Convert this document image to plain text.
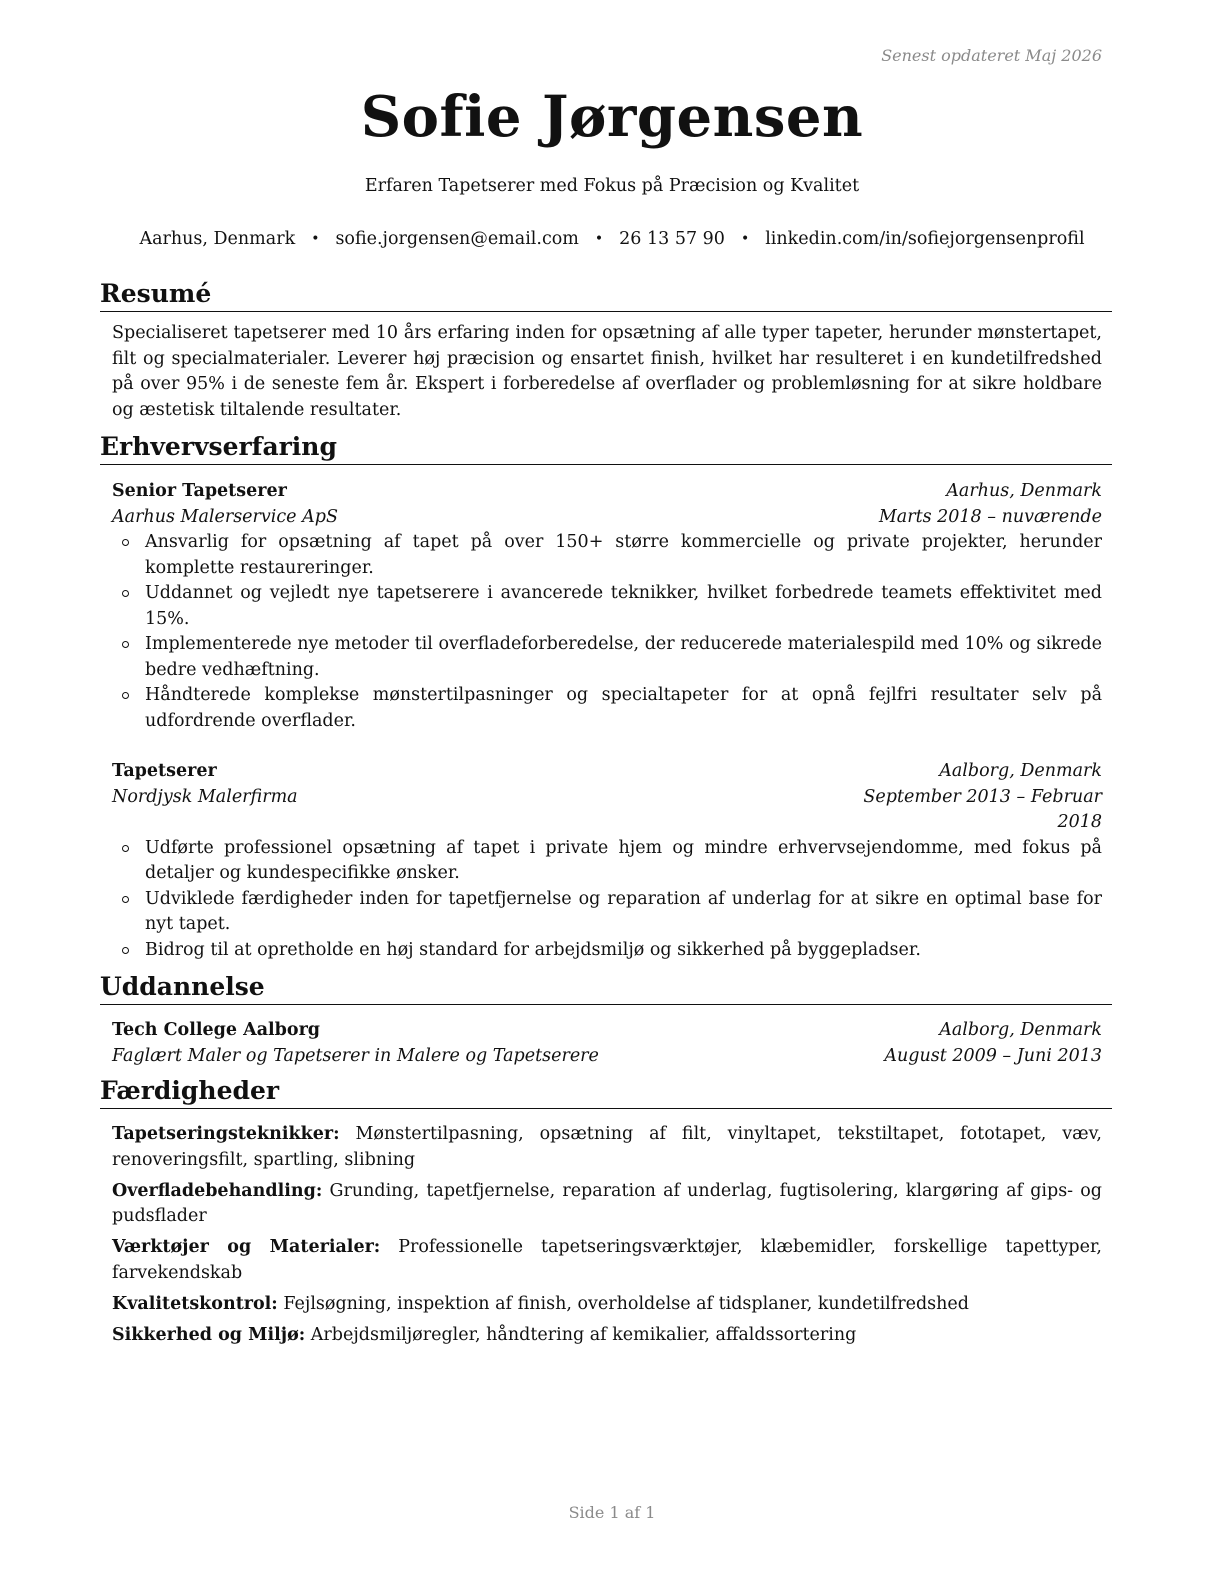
Senest opdateret Maj 2026
Sofie Jørgensen
Erfaren Tapetserer med Fokus på Præcision og Kvalitet
Aarhus, Denmark • sofie.jorgensen@email.com • 26 13 57 90 • linkedin.com/in/sofiejorgensenprofil
Resumé

Specialiseret tapetserer med 10 års erfaring inden for opsætning af alle typer tapeter, herunder mønstertapet, filt og specialmaterialer. Leverer høj præcision og ensartet finish, hvilket har resulteret i en kundetilfredshed på over 95% i de seneste fem år. Ekspert i forberedelse af overflader og problemløsning for at sikre holdbare og æstetisk tiltalende resultater.

Erhvervserfaring
Senior Tapetserer	Aarhus, Denmark
Aarhus Malerservice ApS	Marts 2018 – nuværende
Ansvarlig for opsætning af tapet på over 150+ større kommercielle og private projekter, herunder komplette restaureringer.
Uddannet og vejledt nye tapetserere i avancerede teknikker, hvilket forbedrede teamets effektivitet med 15%.
Implementerede nye metoder til overfladeforberedelse, der reducerede materialespild med 10% og sikrede bedre vedhæftning.
Håndterede komplekse mønstertilpasninger og specialtapeter for at opnå fejlfri resultater selv på udfordrende overflader.
Tapetserer	Aalborg, Denmark
Nordjysk Malerfirma	September 2013 – Februar 2018
Udførte professionel opsætning af tapet i private hjem og mindre erhvervsejendomme, med fokus på detaljer og kundespecifikke ønsker.
Udviklede færdigheder inden for tapetfjernelse og reparation af underlag for at sikre en optimal base for nyt tapet.
Bidrog til at opretholde en høj standard for arbejdsmiljø og sikkerhed på byggepladser.
Uddannelse
Tech College Aalborg	Aalborg, Denmark
Faglært Maler og Tapetserer in Malere og Tapetserere	August 2009 – Juni 2013
Færdigheder
Tapetseringsteknikker: Mønstertilpasning, opsætning af filt, vinyltapet, tekstiltapet, fototapet, væv, renoveringsfilt, spartling, slibning
Overfladebehandling: Grunding, tapetfjernelse, reparation af underlag, fugtisolering, klargøring af gips- og pudsflader
Værktøjer og Materialer: Professionelle tapetseringsværktøjer, klæbemidler, forskellige tapettyper, farvekendskab
Kvalitetskontrol: Fejlsøgning, inspektion af finish, overholdelse af tidsplaner, kundetilfredshed
Sikkerhed og Miljø: Arbejdsmiljøregler, håndtering af kemikalier, affaldssortering
Side 1 af 1
